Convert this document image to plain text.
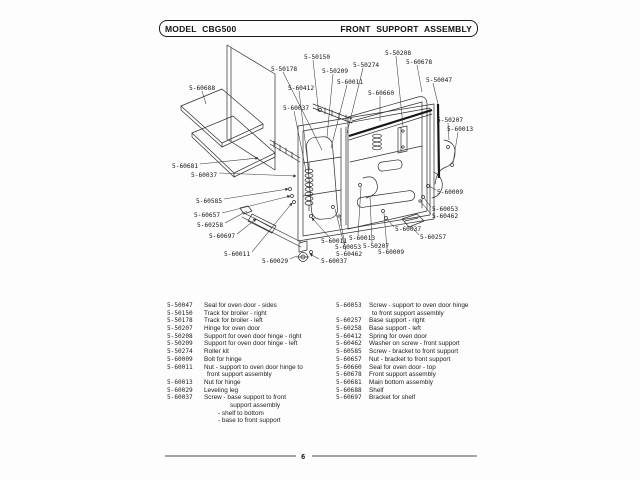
MODEL CBG500	FRONT SUPPORT ASSEMBLY
5-60688
5-50178
5-50150
5-50209
5-50274
5-60412
5-60011
5-60660
5-60037
5-50208
5-60678
5-50047
5-50207
5-60013
5-60681
5-60037
5-60585
5-60657
5-60258
5-60697
5-60011
5-60029
5-60009
5-60053
5-60462
5-60037
5-60257
5-60011 5-60013
5-60053
5-60462
5-50207
5-60009
5-60037
6
5-50047	Seal for oven door - sides
5-50150	Track for broiler - right
5-50178	Track for broiler - left
5-50207	Hinge for oven door
5-50208	Support for oven door hinge - right
5-50209	Support for oven door hinge - left
5-50274	Roller kit
5-60009	Bolt for hinge
5-60011	Nut - support to oven door hinge to
front support assembly
5-60013	Nut for hinge
5-60029	Leveling leg
5-60037	Screw - base support to front
support assembly
- shelf to bottom
- base to front support
5-60053	Screw - support to oven door hinge
to front support assembly
5-60257	Base support - right
5-60258	Base support - left
5-60412	Spring for oven door
5-60462	Washer on screw - front support
5-60585	Screw - bracket to front support
5-60657	Nut - bracket to front support
5-60660	Seal for oven door - top
5-60678	Front support assembly
5-60681	Main bottom assembly
5-60688	Shelf
5-60697	Bracket for shelf
